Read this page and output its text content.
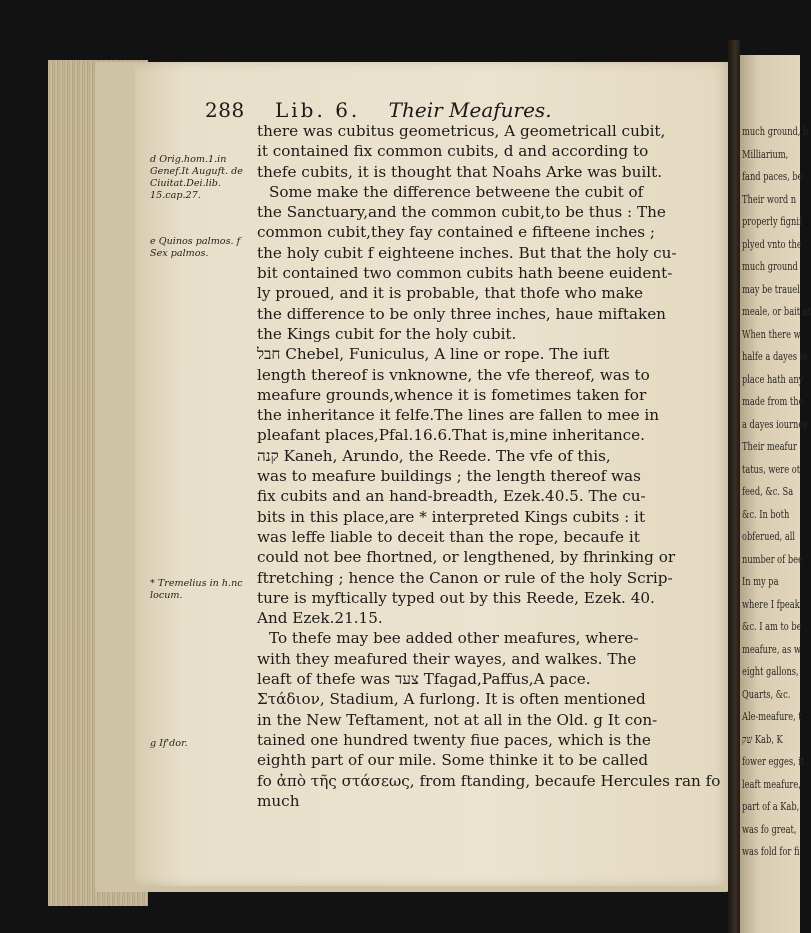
much ground, b
Milliarium,
fand paces, be
Their word n
properly fignif
plyed vnto the
much ground
may be trauel
meale, or bait at
When there w
halfe a dayes io
place hath any
made from the
a dayes iourney
Their meafur
tatus, were ot
feed, &c. Sa
&c. In both
obferued, all
number of bee
In my pa
where I fpeak
&c. I am to be
meafure, as w
eight gallons,
Quarts, &c.
Ale-meafure, t
שק Kab, K
fower egges, it
leaft meafure,
part of a Kab,
was fo great,
was fold for fi
288 Lib. 6. Their Meafures.
d Orig.hom.1.in Genef.It Auguft. de Ciuitat.Dei.lib. 15.cap.27.
e Quinos palmos. f Sex palmos.
* Tremelius in h.nc locum.
g If'dor.
there was cubitus geometricus, A geometricall cubit,
it contained fix common cubits, d and according to
thefe cubits, it is thought that Noahs Arke was built.
Some make the difference betweene the cubit of
the Sanctuary,and the common cubit,to be thus : The
common cubit,they fay contained e fifteene inches ;
the holy cubit f eighteene inches. But that the holy cu-
bit contained two common cubits hath beene euident-
ly proued, and it is probable, that thofe who make
the difference to be only three inches, haue miftaken
the Kings cubit for the holy cubit.
חבל Chebel, Funiculus, A line or rope. The iuft
length thereof is vnknowne, the vfe thereof, was to
meafure grounds,whence it is fometimes taken for
the inheritance it felfe.The lines are fallen to mee in
pleafant places,Pfal.16.6.That is,mine inheritance.
קנה Kaneh, Arundo, the Reede. The vfe of this,
was to meafure buildings ; the length thereof was
fix cubits and an hand-breadth, Ezek.40.5. The cu-
bits in this place,are * interpreted Kings cubits : it
was leffe liable to deceit than the rope, becaufe it
could not bee fhortned, or lengthened, by fhrinking or
ftretching ; hence the Canon or rule of the holy Scrip-
ture is myftically typed out by this Reede, Ezek. 40.
And Ezek.21.15.
To thefe may bee added other meafures, where-
with they meafured their wayes, and walkes. The
leaft of thefe was צעד Tfagad,Paffus,A pace.
Στάδιον, Stadium, A furlong. It is often mentioned
in the New Teftament, not at all in the Old. g It con-
tained one hundred twenty fiue paces, which is the
eighth part of our mile. Some thinke it to be called
fo ἀπὸ τῆς στάσεως, from ftanding, becaufe Hercules ran fo
much
